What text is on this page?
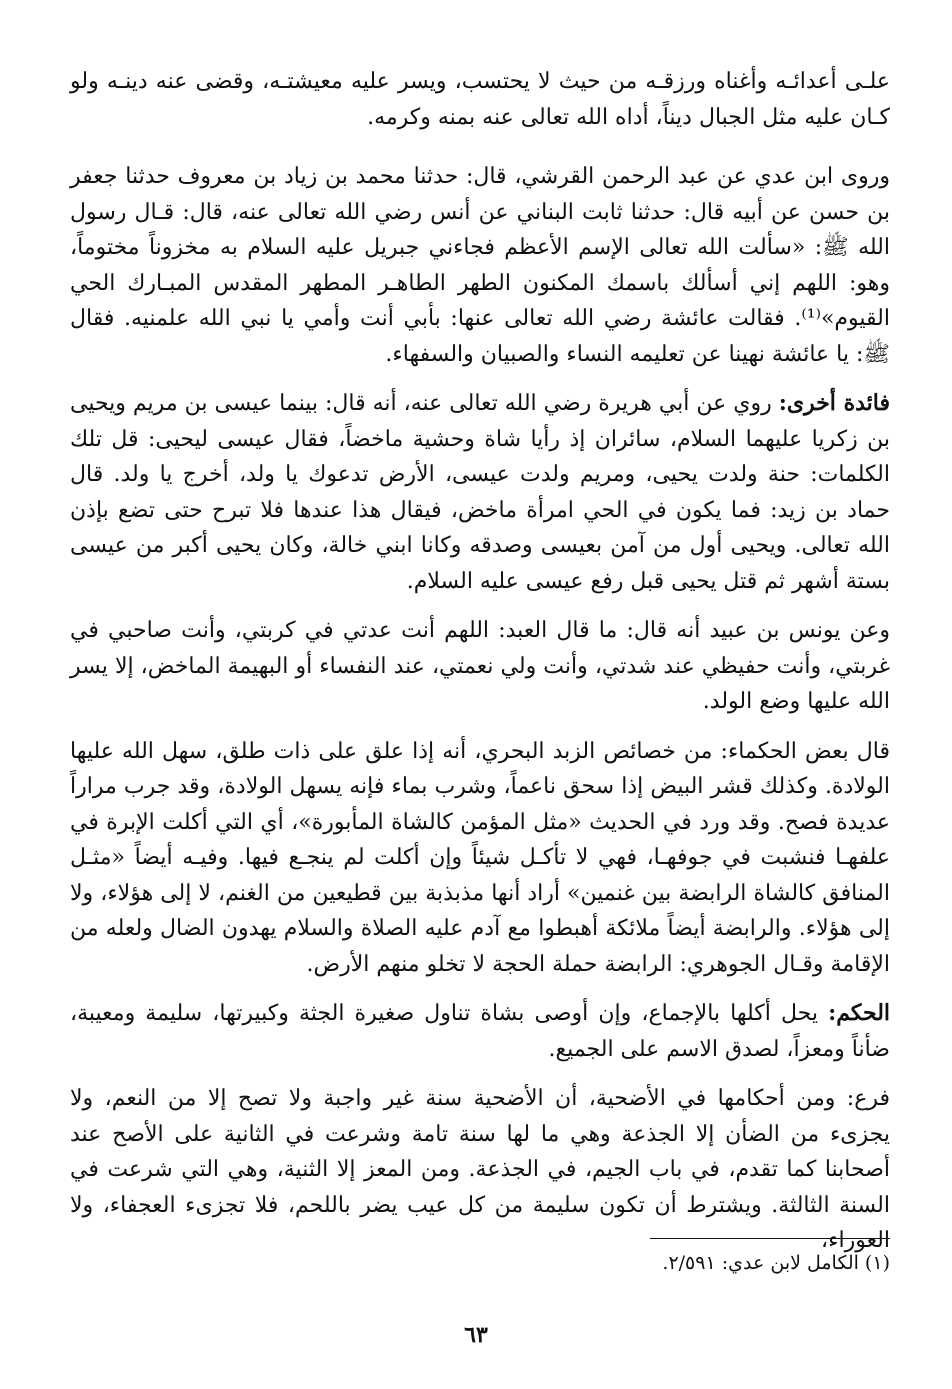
علـى أعدائـه وأغناه ورزقـه من حيث لا يحتسب، ويسر عليه معيشتـه، وقضى عنه دينـه ولو كـان عليه مثل الجبال ديناً، أداه الله تعالى عنه بمنه وكرمه.

وروى ابن عدي عن عبد الرحمن القرشي، قال: حدثنا محمد بن زياد بن معروف حدثنا جعفر بن حسن عن أبيه قال: حدثنا ثابت البناني عن أنس رضي الله تعالى عنه، قال: قـال رسول الله ﷺ: «سألت الله تعالى الإسم الأعظم فجاءني جبريل عليه السلام به مخزوناً مختوماً، وهو: اللهم إني أسألك باسمك المكنون الطهر الطاهـر المطهر المقدس المبـارك الحي القيوم»⁽¹⁾. فقالت عائشة رضي الله تعالى عنها: بأبي أنت وأمي يا نبي الله علمنيه. فقال ﷺ: يا عائشة نهينا عن تعليمه النساء والصبيان والسفهاء.

فائدة أخرى: روي عن أبي هريرة رضي الله تعالى عنه، أنه قال: بينما عيسى بن مريم ويحيى بن زكريا عليهما السلام، سائران إذ رأيا شاة وحشية ماخضاً، فقال عيسى ليحيى: قل تلك الكلمات: حنة ولدت يحيى، ومريم ولدت عيسى، الأرض تدعوك يا ولد، أخرج يا ولد. قال حماد بن زيد: فما يكون في الحي امرأة ماخض، فيقال هذا عندها فلا تبرح حتى تضع بإذن الله تعالى. ويحيى أول من آمن بعيسى وصدقه وكانا ابني خالة، وكان يحيى أكبر من عيسى بستة أشهر ثم قتل يحيى قبل رفع عيسى عليه السلام.

وعن يونس بن عبيد أنه قال: ما قال العبد: اللهم أنت عدتي في كربتي، وأنت صاحبي في غربتي، وأنت حفيظي عند شدتي، وأنت ولي نعمتي، عند النفساء أو البهيمة الماخض، إلا يسر الله عليها وضع الولد.

قال بعض الحكماء: من خصائص الزبد البحري، أنه إذا علق على ذات طلق، سهل الله عليها الولادة. وكذلك قشر البيض إذا سحق ناعماً، وشرب بماء فإنه يسهل الولادة، وقد جرب مراراً عديدة فصح. وقد ورد في الحديث «مثل المؤمن كالشاة المأبورة»، أي التي أكلت الإبرة في علفهـا فنشبت في جوفهـا، فهي لا تأكـل شيئاً وإن أكلت لم ينجـع فيها. وفيـه أيضاً «مثـل المنافق كالشاة الرابضة بين غنمين» أراد أنها مذبذبة بين قطيعين من الغنم، لا إلى هؤلاء، ولا إلى هؤلاء. والرابضة أيضاً ملائكة أهبطوا مع آدم عليه الصلاة والسلام يهدون الضال ولعله من الإقامة وقـال الجوهري: الرابضة حملة الحجة لا تخلو منهم الأرض.

الحكم: يحل أكلها بالإجماع، وإن أوصى بشاة تناول صغيرة الجثة وكبيرتها، سليمة ومعيبة، ضأناً ومعزاً، لصدق الاسم على الجميع.

فرع: ومن أحكامها في الأضحية، أن الأضحية سنة غير واجبة ولا تصح إلا من النعم، ولا يجزىء من الضأن إلا الجذعة وهي ما لها سنة تامة وشرعت في الثانية على الأصح عند أصحابنا كما تقدم، في باب الجيم، في الجذعة. ومن المعز إلا الثنية، وهي التي شرعت في السنة الثالثة. ويشترط أن تكون سليمة من كل عيب يضر باللحم، فلا تجزىء العجفاء، ولا العوراء،

(١) الكامل لابن عدي: ٢/٥٩١.
٦٣
